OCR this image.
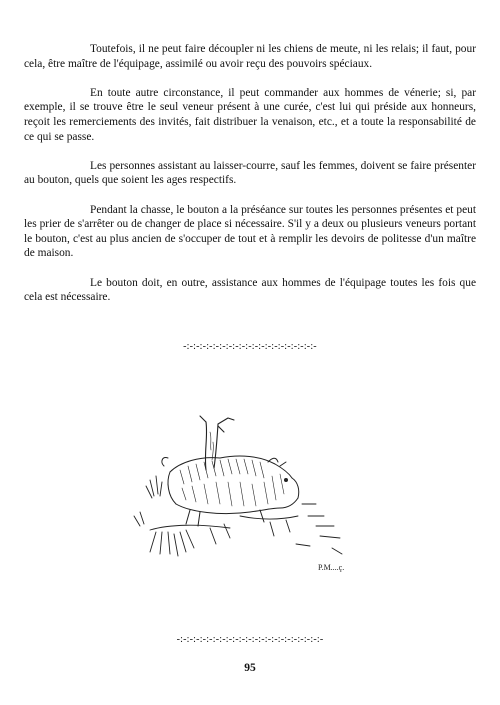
Toutefois, il ne peut faire découpler ni les chiens de meute, ni les relais; il faut, pour cela, être maître de l'équipage, assimilé ou avoir reçu des pouvoirs spéciaux.

En toute autre circonstance, il peut commander aux hommes de vénerie; si, par exemple, il se trouve être le seul veneur présent à une curée, c'est lui qui préside aux honneurs, reçoit les remerciements des invités, fait distribuer la venaison, etc., et a toute la responsabilité de ce qui se passe.

Les personnes assistant au laisser-courre, sauf les femmes, doivent se faire présenter au bouton, quels que soient les ages respectifs.

Pendant la chasse, le bouton a la préséance sur toutes les personnes présentes et peut les prier de s'arrêter ou de changer de place si nécessaire. S'il y a deux ou plusieurs veneurs portant le bouton, c'est au plus ancien de s'occuper de tout et à remplir les devoirs de politesse d'un maître de maison.

Le bouton doit, en outre, assistance aux hommes de l'équipage toutes les fois que cela est nécessaire.

-:-:-:-:-:-:-:-:-:-:-:-:-:-:-:-:-:-:-:-:-
P.M....ç.
-:-:-:-:-:-:-:-:-:-:-:-:-:-:-:-:-:-:-:-:-:-:-
95
